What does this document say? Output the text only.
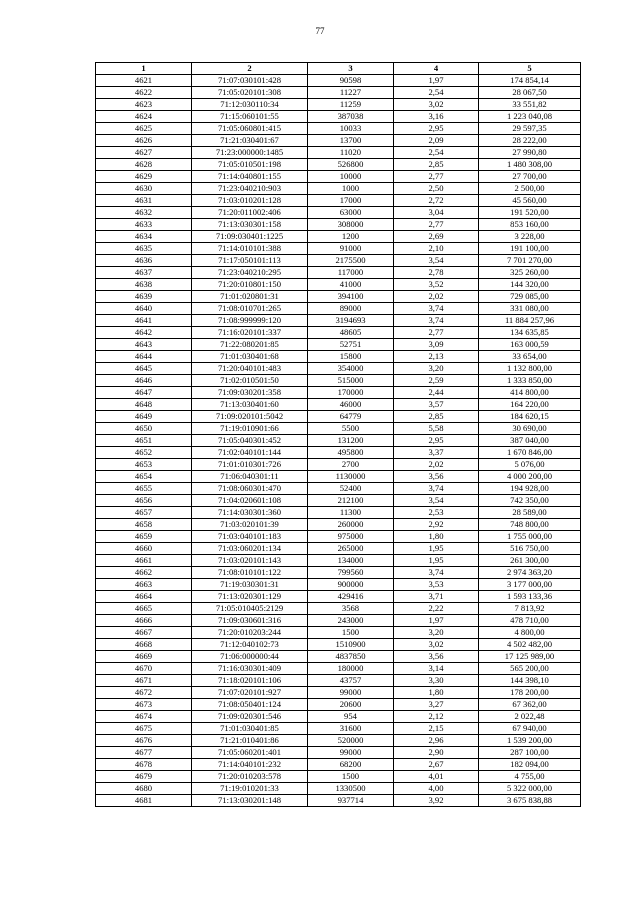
77
1	2	3	4	5
4621	71:07:030101:428	90598	1,97	174 854,14
4622	71:05:020101:308	11227	2,54	28 067,50
4623	71:12:030110:34	11259	3,02	33 551,82
4624	71:15:060101:55	387038	3,16	1 223 040,08
4625	71:05:060801:415	10033	2,95	29 597,35
4626	71:21:030401:67	13700	2,09	28 222,00
4627	71:23:000000:1485	11020	2,54	27 990,80
4628	71:05:010501:198	526800	2,85	1 480 308,00
4629	71:14:040801:155	10000	2,77	27 700,00
4630	71:23:040210:903	1000	2,50	2 500,00
4631	71:03:010201:128	17000	2,72	45 560,00
4632	71:20:011002:406	63000	3,04	191 520,00
4633	71:13:030301:158	308000	2,77	853 160,00
4634	71:09:030401:1225	1200	2,69	3 228,00
4635	71:14:010101:388	91000	2,10	191 100,00
4636	71:17:050101:113	2175500	3,54	7 701 270,00
4637	71:23:040210:295	117000	2,78	325 260,00
4638	71:20:010801:150	41000	3,52	144 320,00
4639	71:01:020801:31	394100	2,02	729 085,00
4640	71:08:010701:265	89000	3,74	331 080,00
4641	71:08:999999:120	3194693	3,74	11 884 257,96
4642	71:16:020101:337	48605	2,77	134 635,85
4643	71:22:080201:85	52751	3,09	163 000,59
4644	71:01:030401:68	15800	2,13	33 654,00
4645	71:20:040101:483	354000	3,20	1 132 800,00
4646	71:02:010501:50	515000	2,59	1 333 850,00
4647	71:09:030201:358	170000	2,44	414 800,00
4648	71:13:030401:60	46000	3,57	164 220,00
4649	71:09:020101:5042	64779	2,85	184 620,15
4650	71:19:010901:66	5500	5,58	30 690,00
4651	71:05:040301:452	131200	2,95	387 040,00
4652	71:02:040101:144	495800	3,37	1 670 846,00
4653	71:01:010301:726	2700	2,02	5 076,00
4654	71:06:040301:11	1130000	3,56	4 000 200,00
4655	71:08:060301:470	52400	3,74	194 928,00
4656	71:04:020601:108	212100	3,54	742 350,00
4657	71:14:030301:360	11300	2,53	28 589,00
4658	71:03:020101:39	260000	2,92	748 800,00
4659	71:03:040101:183	975000	1,80	1 755 000,00
4660	71:03:060201:134	265000	1,95	516 750,00
4661	71:03:020101:143	134000	1,95	261 300,00
4662	71:08:010101:122	799560	3,74	2 974 363,20
4663	71:19:030301:31	900000	3,53	3 177 000,00
4664	71:13:020301:129	429416	3,71	1 593 133,36
4665	71:05:010405:2129	3568	2,22	7 813,92
4666	71:09:030601:316	243000	1,97	478 710,00
4667	71:20:010203:244	1500	3,20	4 800,00
4668	71:12:040102:73	1510900	3,02	4 502 482,00
4669	71:06:000000:44	4837850	3,56	17 125 989,00
4670	71:16:030301:409	180000	3,14	565 200,00
4671	71:18:020101:106	43757	3,30	144 398,10
4672	71:07:020101:927	99000	1,80	178 200,00
4673	71:08:050401:124	20600	3,27	67 362,00
4674	71:09:020301:546	954	2,12	2 022,48
4675	71:01:030401:85	31600	2,15	67 940,00
4676	71:21:010401:86	520000	2,96	1 539 200,00
4677	71:05:060201:401	99000	2,90	287 100,00
4678	71:14:040101:232	68200	2,67	182 094,00
4679	71:20:010203:578	1500	4,01	4 755,00
4680	71:19:010201:33	1330500	4,00	5 322 000,00
4681	71:13:030201:148	937714	3,92	3 675 838,88
